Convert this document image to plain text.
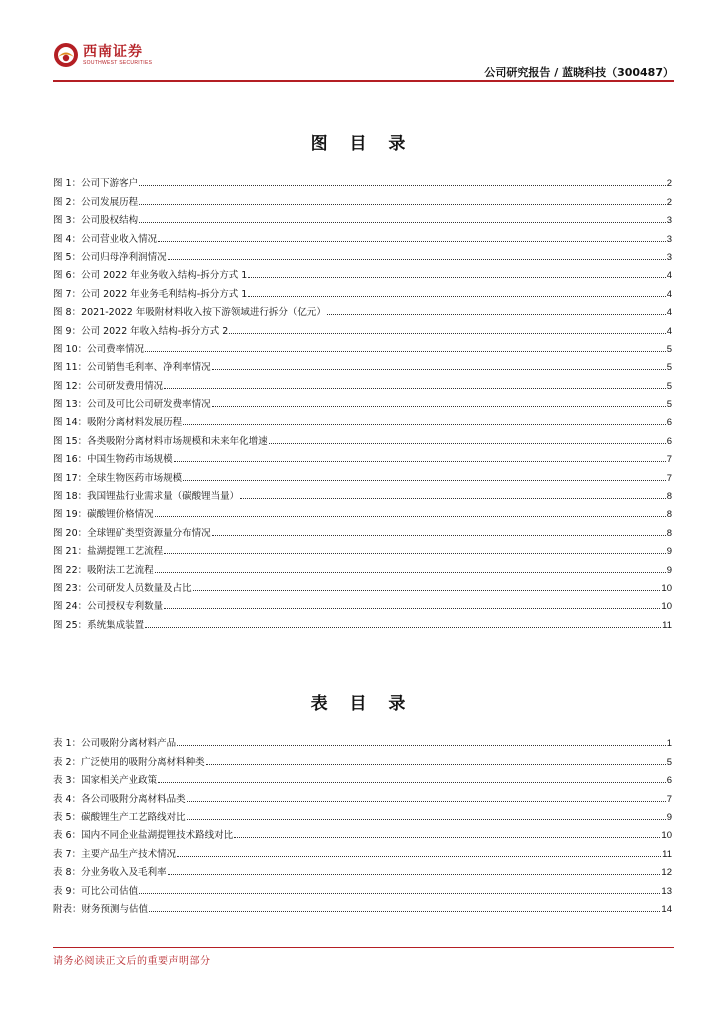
西南证券
SOUTHWEST SECURITIES
公司研究报告 / 蓝晓科技（300487）
图 目 录
图 1：公司下游客户	2
图 2：公司发展历程	2
图 3：公司股权结构	3
图 4：公司营业收入情况	3
图 5：公司归母净利润情况	3
图 6：公司 2022 年业务收入结构-拆分方式 1	4
图 7：公司 2022 年业务毛利结构-拆分方式 1	4
图 8：2021-2022 年吸附材料收入按下游领域进行拆分（亿元）	4
图 9：公司 2022 年收入结构-拆分方式 2	4
图 10：公司费率情况	5
图 11：公司销售毛利率、净利率情况	5
图 12：公司研发费用情况	5
图 13：公司及可比公司研发费率情况	5
图 14：吸附分离材料发展历程	6
图 15：各类吸附分离材料市场规模和未来年化增速	6
图 16：中国生物药市场规模	7
图 17：全球生物医药市场规模	7
图 18：我国锂盐行业需求量（碳酸锂当量）	8
图 19：碳酸锂价格情况	8
图 20：全球锂矿类型资源量分布情况	8
图 21：盐湖提锂工艺流程	9
图 22：吸附法工艺流程	9
图 23：公司研发人员数量及占比	10
图 24：公司授权专利数量	10
图 25：系统集成装置	11
表 目 录
表 1：公司吸附分离材料产品	1
表 2：广泛使用的吸附分离材料种类	5
表 3：国家相关产业政策	6
表 4：各公司吸附分离材料品类	7
表 5：碳酸锂生产工艺路线对比	9
表 6：国内不同企业盐湖提锂技术路线对比	10
表 7：主要产品生产技术情况	11
表 8：分业务收入及毛利率	12
表 9：可比公司估值	13
附表：财务预测与估值	14
请务必阅读正文后的重要声明部分
